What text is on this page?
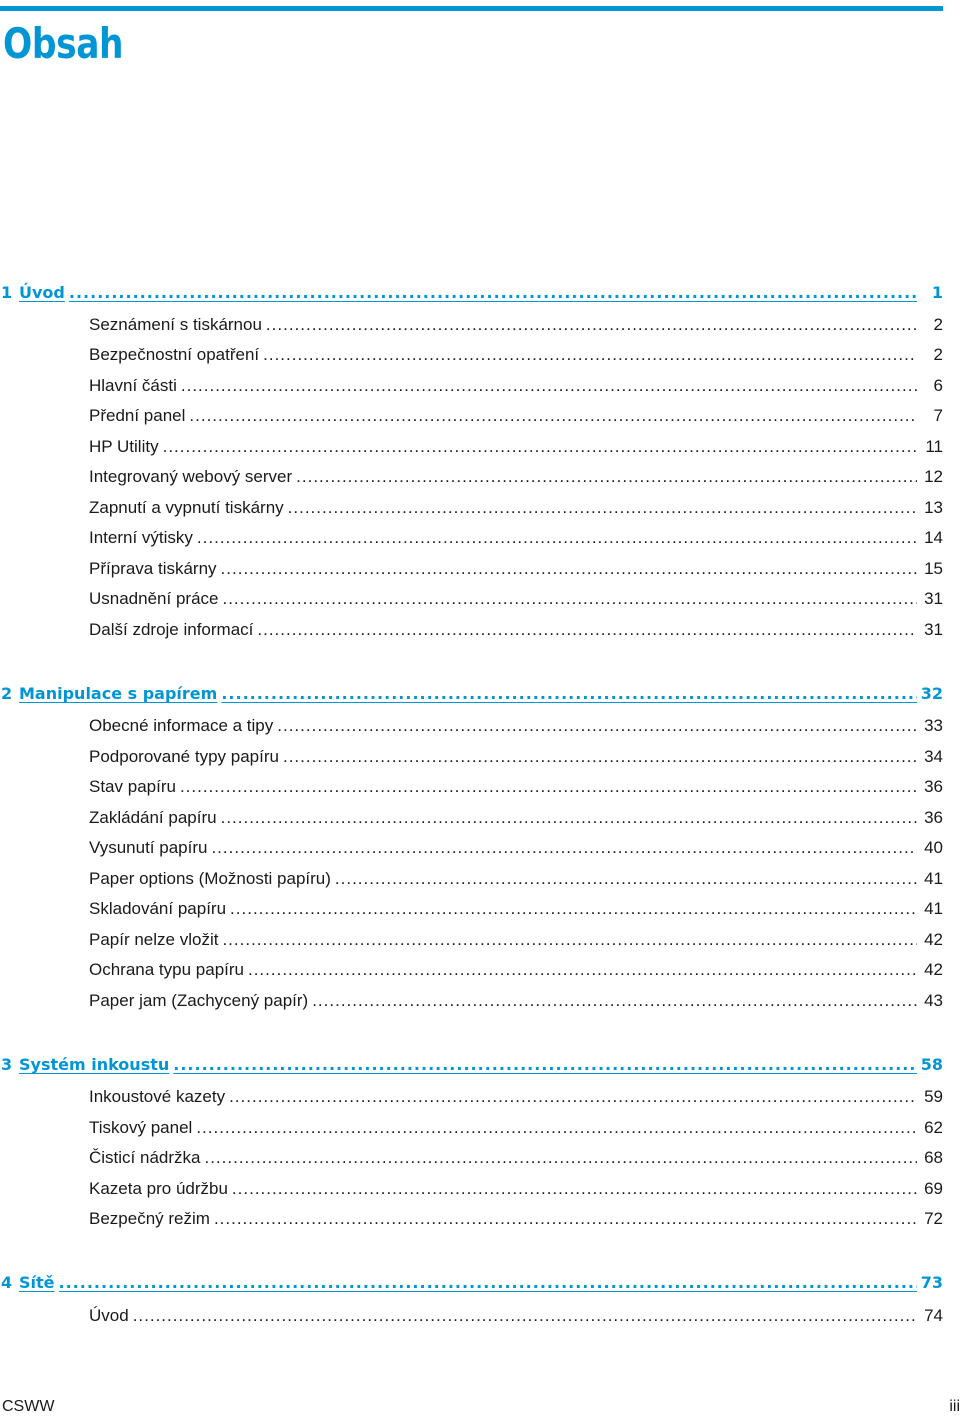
Obsah
1 Úvod .....	1
Seznámení s tiskárnou .....	2
Bezpečnostní opatření .....	2
Hlavní části .....	6
Přední panel .....	7
HP Utility .....	11
Integrovaný webový server .....	12
Zapnutí a vypnutí tiskárny .....	13
Interní výtisky .....	14
Příprava tiskárny .....	15
Usnadnění práce .....	31
Další zdroje informací .....	31
2 Manipulace s papírem .....	32
Obecné informace a tipy .....	33
Podporované typy papíru .....	34
Stav papíru .....	36
Zakládání papíru .....	36
Vysunutí papíru .....	40
Paper options (Možnosti papíru) .....	41
Skladování papíru .....	41
Papír nelze vložit .....	42
Ochrana typu papíru .....	42
Paper jam (Zachycený papír) .....	43
3 Systém inkoustu .....	58
Inkoustové kazety .....	59
Tiskový panel .....	62
Čisticí nádržka .....	68
Kazeta pro údržbu .....	69
Bezpečný režim .....	72
4 Sítě .....	73
Úvod .....	74
CSWW	iii
